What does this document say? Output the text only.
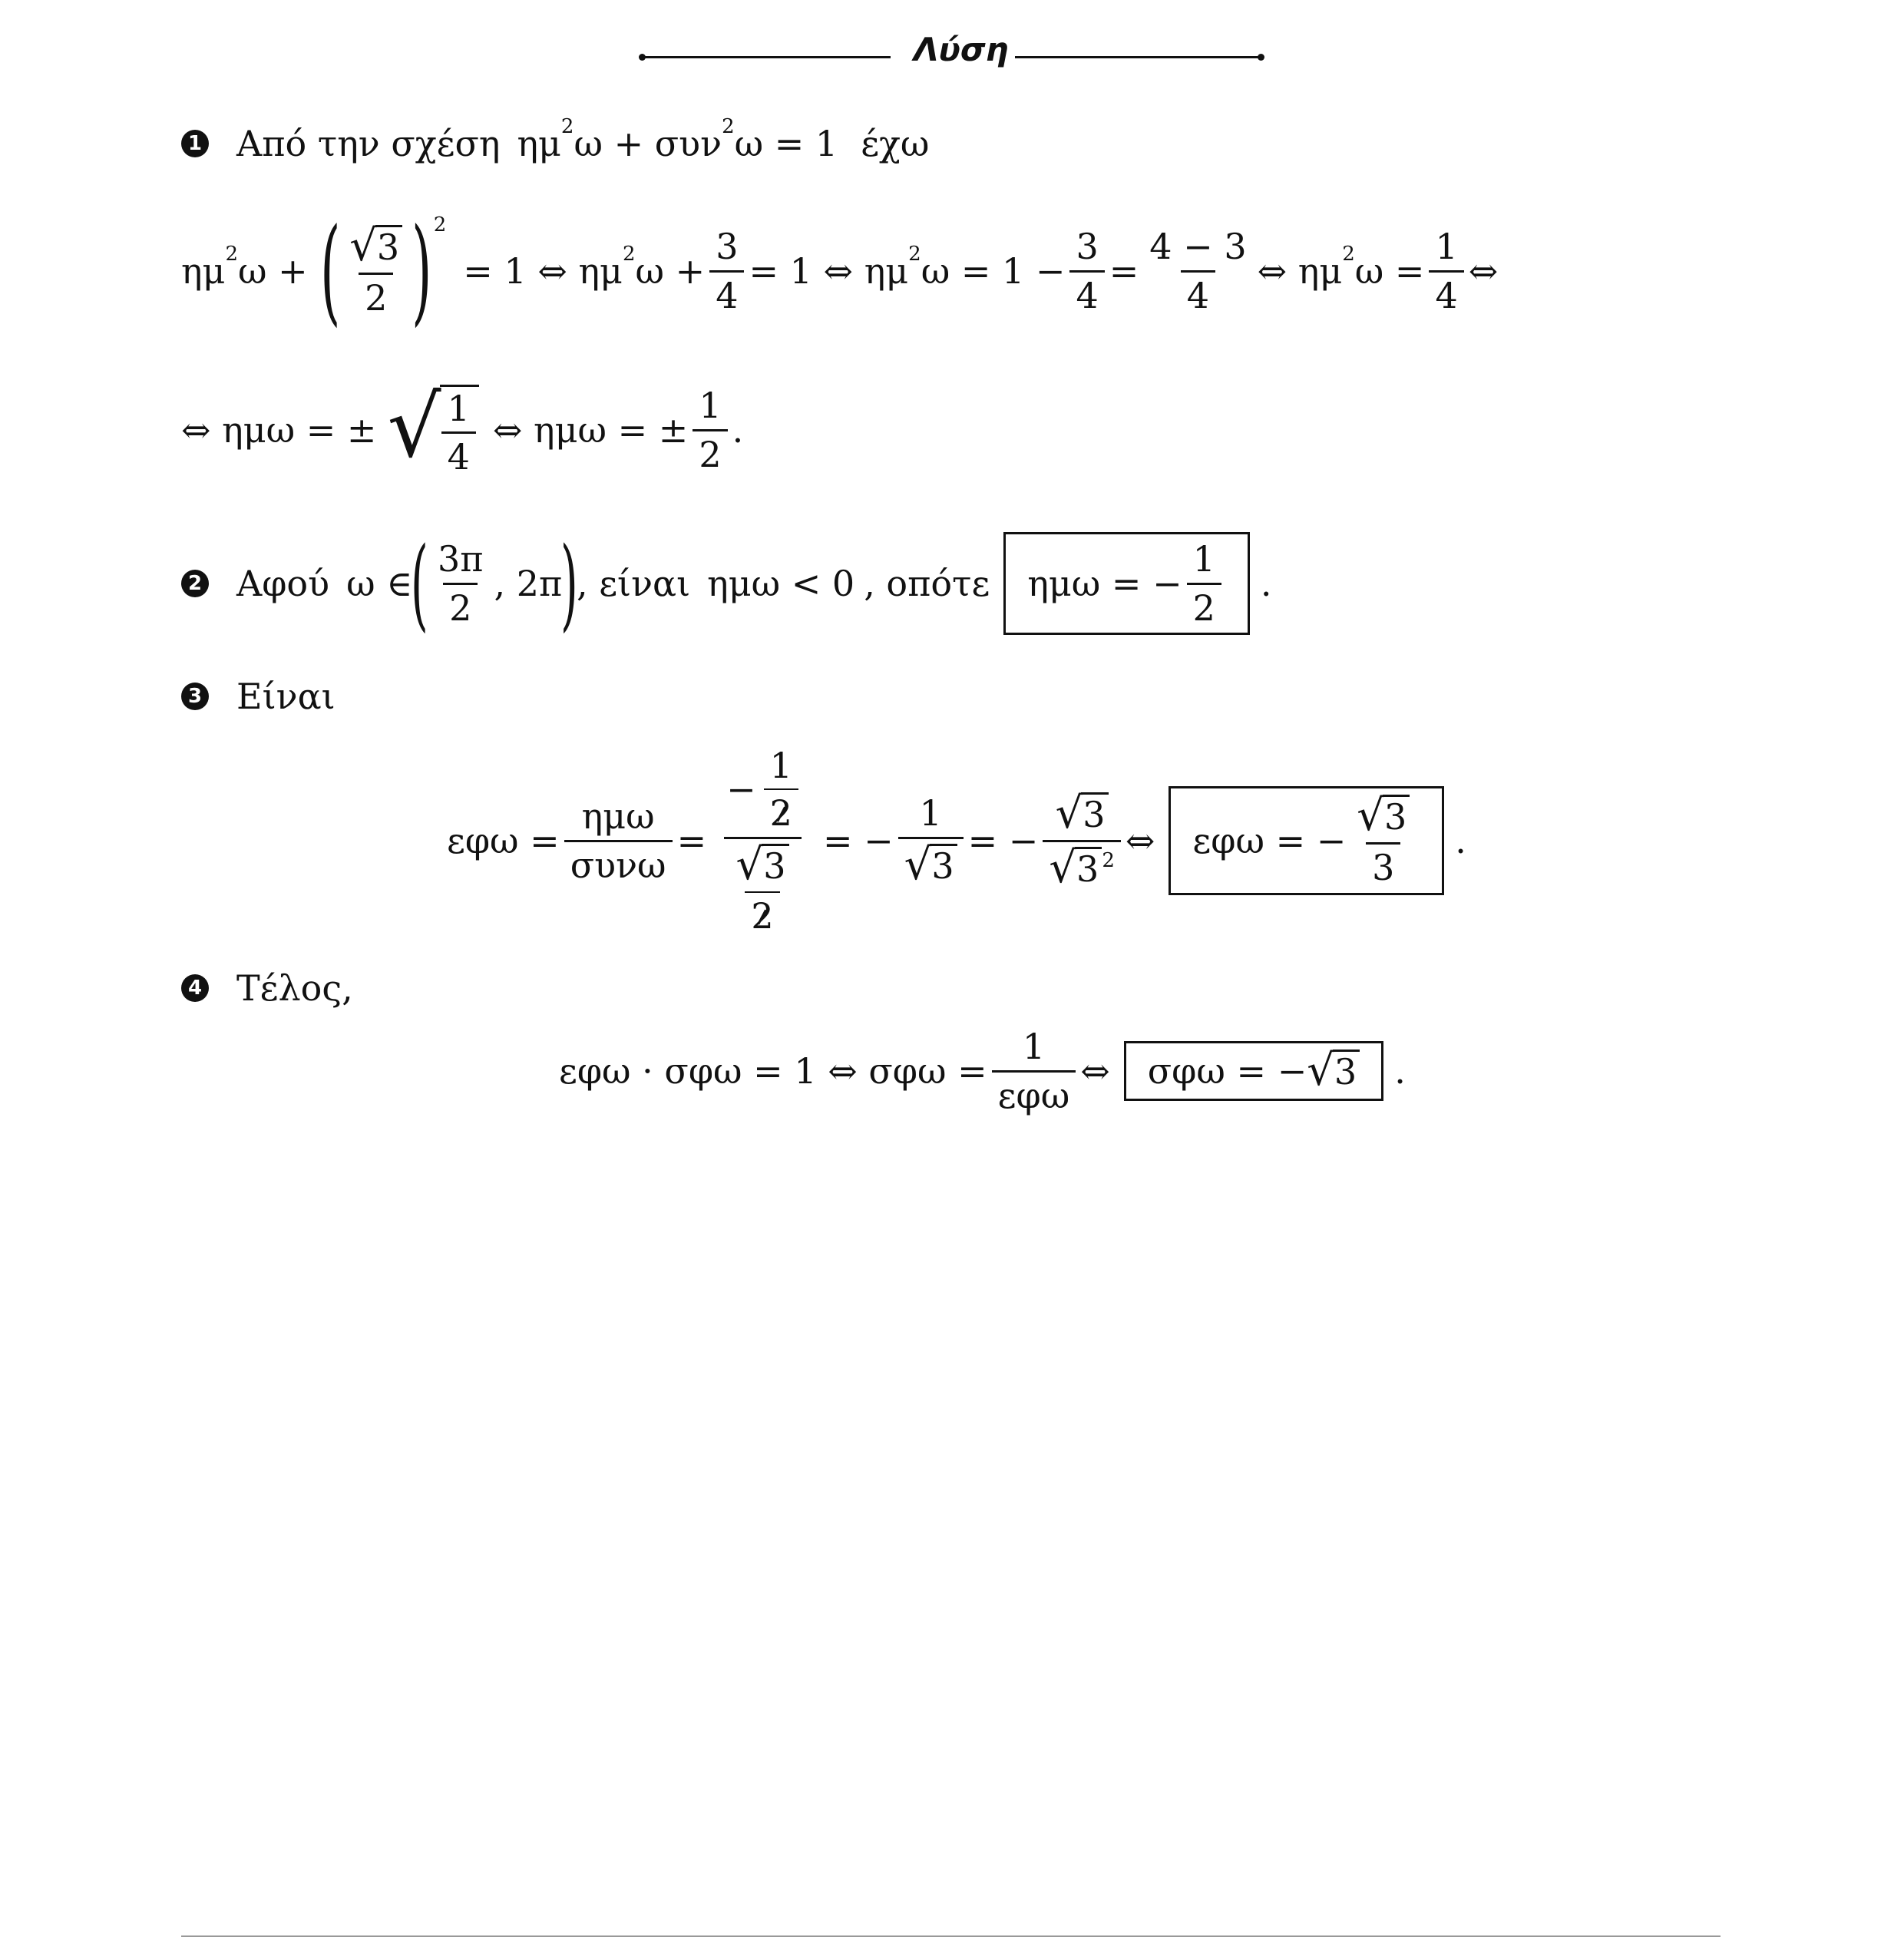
Λύση
1 Από την σχέση ημ 2 ω + συν 2 ω = 1 έχω
ημ 2 ω + ( $\frac{√ 3}{2}$ ) 2
= 1 ⇔ ημ 2 $\omega + \frac{3}{4} = 1$ ⇔ ημ 2 $\omega = 1 - \frac{3}{4} = \frac{4 - 3}{4}$ ⇔ ημ 2 $\omega = \frac{1}{4}$ ⇔
⇔ ημω = ± √ $\frac{1}{4}$ ⇔ ημω = ± $\frac{1}{2}$ .
2 Αφού ω ∈
( $\frac{3\pi}{2}$ , 2π
)
, είναι ημω < 0 , οπότε ημω = − $\frac{1}{2}$ .
3 Είναι
$\varepsilon\varphi\omega = \frac{\text{ημω}}{\text{συνω}} = \frac{- \frac{1}{2}}{\frac{√ 3}{2}}$ = − $\frac{1}{√ 3}$ = − $\frac{√ 3}{√ 3 ^2}$ ⇔ εφω = − $\frac{√ 3}{3}$ .
4 Τέλος,
εφω · σφω = 1 ⇔ $\sigma\varphi\omega = \frac{1}{\text{εφω}}$ ⇔ σφω = − √ 3 .
